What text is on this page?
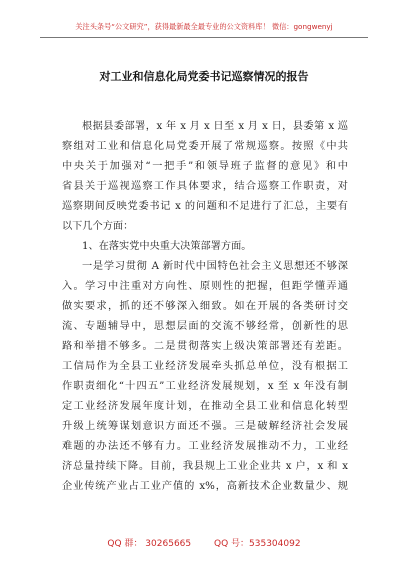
关注头条号“公文研究”，获得最新最全最专业的公文资料库！ 微信：gongwenyj
对工业和信息化局党委书记巡察情况的报告
根据县委部署，x 年 x 月 x 日至 x 月 x 日，县委第 x 巡
察组对工业和信息化局党委开展了常规巡察。按照《中共
中央关于加强对“一把手”和领导班子监督的意见》和中
省县关于巡视巡察工作具体要求，结合巡察工作职责，对
巡察期间反映党委书记 x 的问题和不足进行了汇总，主要有
以下几个方面：
1、在落实党中央重大决策部署方面。
一是学习贯彻 A 新时代中国特色社会主义思想还不够深
入。学习中注重对方向性、原则性的把握，但距学懂弄通
做实要求，抓的还不够深入细致。如在开展的各类研讨交
流、专题辅导中，思想层面的交流不够经常，创新性的思
路和举措不够多。二是贯彻落实上级决策部署还有差距。
工信局作为全县工业经济发展牵头抓总单位，没有根据工
作职责细化“十四五”工业经济发展规划，x 至 x 年没有制
定工业经济发展年度计划，在推动全县工业和信息化转型
升级上统筹谋划意识方面还不强。三是破解经济社会发展
难题的办法还不够有力。工业经济发展推动不力，工业经
济总量持续下降。目前，我县规上工业企业共 x 户，x 和 x
企业传统产业占工业产值的 x%，高新技术企业数量少、规
QQ 群： 30265665	QQ 号：535304092
